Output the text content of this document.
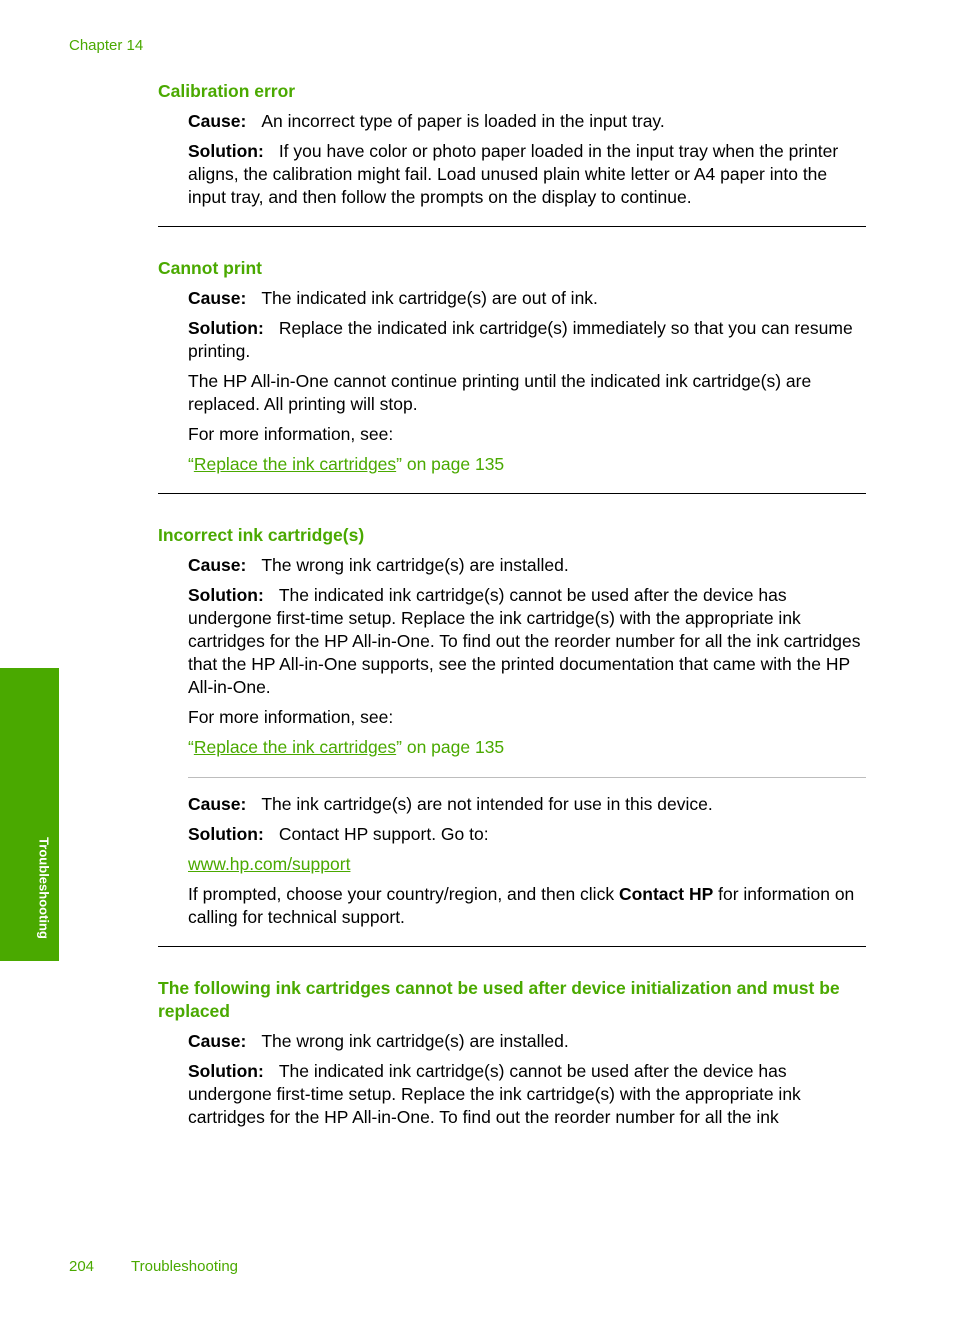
Chapter 14
Calibration error

Cause: An incorrect type of paper is loaded in the input tray.

Solution: If you have color or photo paper loaded in the input tray when the printer aligns, the calibration might fail. Load unused plain white letter or A4 paper into the input tray, and then follow the prompts on the display to continue.

Cannot print

Cause: The indicated ink cartridge(s) are out of ink.

Solution: Replace the indicated ink cartridge(s) immediately so that you can resume printing.

The HP All-in-One cannot continue printing until the indicated ink cartridge(s) are replaced. All printing will stop.

For more information, see:

“Replace the ink cartridges” on page 135

Incorrect ink cartridge(s)

Cause: The wrong ink cartridge(s) are installed.

Solution: The indicated ink cartridge(s) cannot be used after the device has undergone first-time setup. Replace the ink cartridge(s) with the appropriate ink cartridges for the HP All-in-One. To find out the reorder number for all the ink cartridges that the HP All-in-One supports, see the printed documentation that came with the HP All-in-One.

For more information, see:

“Replace the ink cartridges” on page 135

Cause: The ink cartridge(s) are not intended for use in this device.

Solution: Contact HP support. Go to:

www.hp.com/support

If prompted, choose your country/region, and then click Contact HP for information on calling for technical support.

The following ink cartridges cannot be used after device initialization and must be replaced

Cause: The wrong ink cartridge(s) are installed.

Solution: The indicated ink cartridge(s) cannot be used after the device has undergone first-time setup. Replace the ink cartridge(s) with the appropriate ink cartridges for the HP All-in-One. To find out the reorder number for all the ink

Troubleshooting
204 Troubleshooting
